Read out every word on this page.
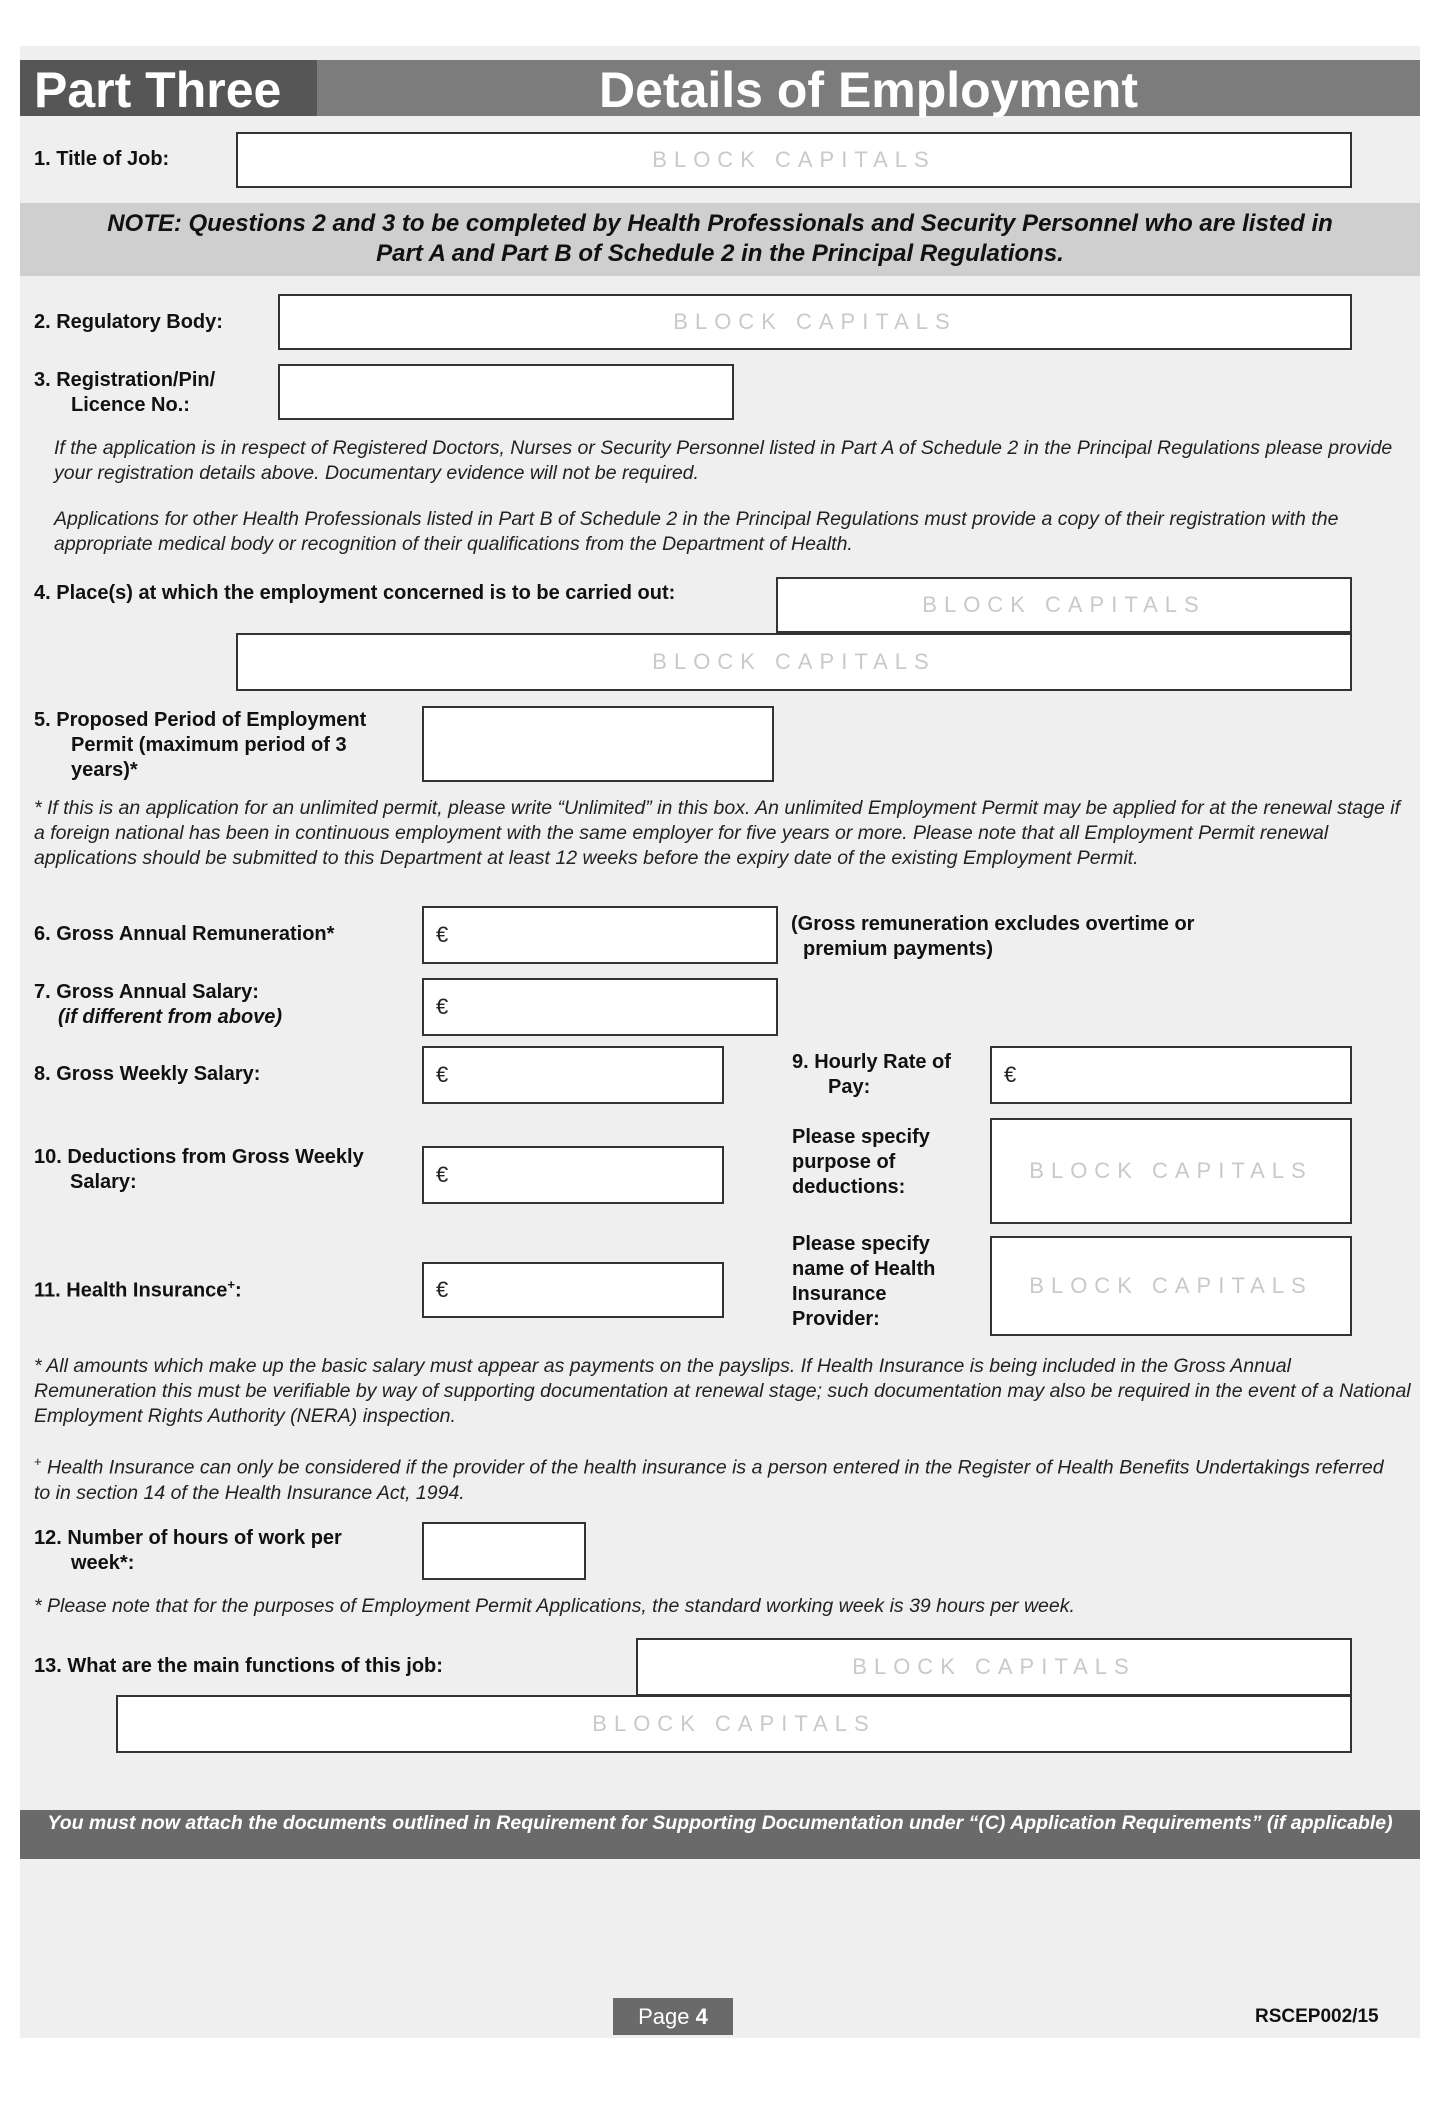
Part Three	Details of Employment
1. Title of Job:	BLOCK CAPITALS
NOTE: Questions 2 and 3 to be completed by Health Professionals and Security Personnel who are listed in
Part A and Part B of Schedule 2 in the Principal Regulations.
2. Regulatory Body:	BLOCK CAPITALS
3. Registration/Pin/
Licence No.:
If the application is in respect of Registered Doctors, Nurses or Security Personnel listed in Part A of Schedule 2 in the Principal Regulations please provide your registration details above. Documentary evidence will not be required.
Applications for other Health Professionals listed in Part B of Schedule 2 in the Principal Regulations must provide a copy of their registration with the appropriate medical body or recognition of their qualifications from the Department of Health.
4. Place(s) at which the employment concerned is to be carried out:	BLOCK CAPITALS
BLOCK CAPITALS
5. Proposed Period of Employment
Permit (maximum period of 3
years)*
* If this is an application for an unlimited permit, please write “Unlimited” in this box. An unlimited Employment Permit may be applied for at the renewal stage if a foreign national has been in continuous employment with the same employer for five years or more. Please note that all Employment Permit renewal applications should be submitted to this Department at least 12 weeks before the expiry date of the existing Employment Permit.
6. Gross Annual Remuneration*	€	(Gross remuneration excludes overtime or
premium payments)
7. Gross Annual Salary:
(if different from above)	€
8. Gross Weekly Salary:	€	9. Hourly Rate of
Pay:	€
10. Deductions from Gross Weekly
Salary:	€
Please specify
purpose of
deductions:
BLOCK CAPITALS
11. Health Insurance+:	€
Please specify
name of Health
Insurance
Provider:
BLOCK CAPITALS
* All amounts which make up the basic salary must appear as payments on the payslips. If Health Insurance is being included in the Gross Annual Remuneration this must be verifiable by way of supporting documentation at renewal stage; such documentation may also be required in the event of a National Employment Rights Authority (NERA) inspection.
+ Health Insurance can only be considered if the provider of the health insurance is a person entered in the Register of Health Benefits Undertakings referred to in section 14 of the Health Insurance Act, 1994.
12. Number of hours of work per
week*:
* Please note that for the purposes of Employment Permit Applications, the standard working week is 39 hours per week.
13. What are the main functions of this job:	BLOCK CAPITALS
BLOCK CAPITALS
You must now attach the documents outlined in Requirement for Supporting Documentation under “(C) Application Requirements” (if applicable)
Page 4	RSCEP002/15
